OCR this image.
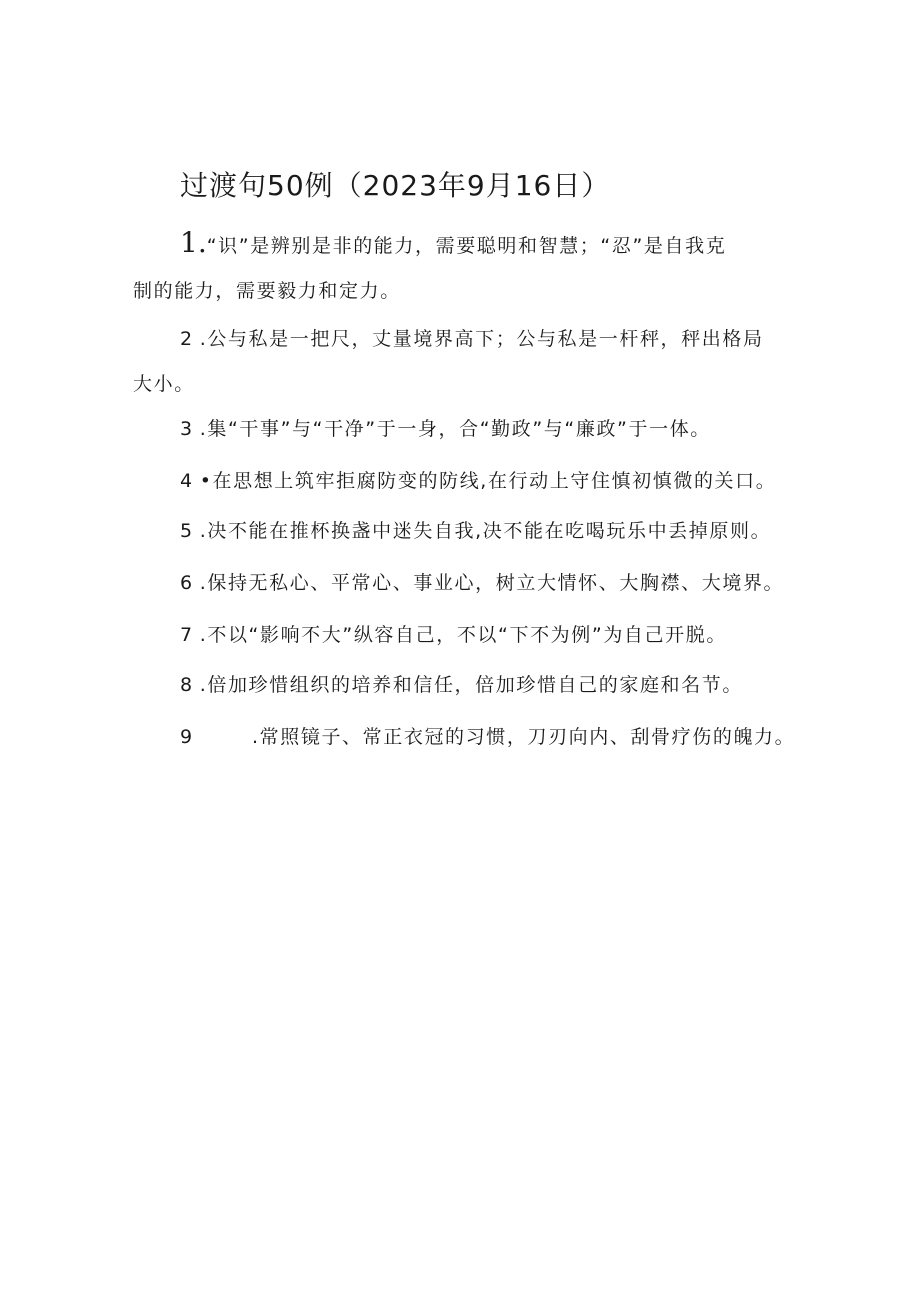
过渡句50例（2023年9月16日）
1.“识”是辨别是非的能力，需要聪明和智慧；“忍”是自我克
制的能力，需要毅力和定力。
2 .公与私是一把尺，丈量境界高下；公与私是一杆秤，秤出格局
大小。
3 .集“干事”与“干净”于一身，合“勤政”与“廉政”于一体。
4 •在思想上筑牢拒腐防变的防线,在行动上守住慎初慎微的关口。
5 .决不能在推杯换盏中迷失自我,决不能在吃喝玩乐中丢掉原则。
6 .保持无私心、平常心、事业心，树立大情怀、大胸襟、大境界。
7 .不以“影响不大”纵容自己，不以“下不为例”为自己开脱。
8 .倍加珍惜组织的培养和信任，倍加珍惜自己的家庭和名节。
9	.常照镜子、常正衣冠的习惯，刀刃向内、刮骨疗伤的魄力。
